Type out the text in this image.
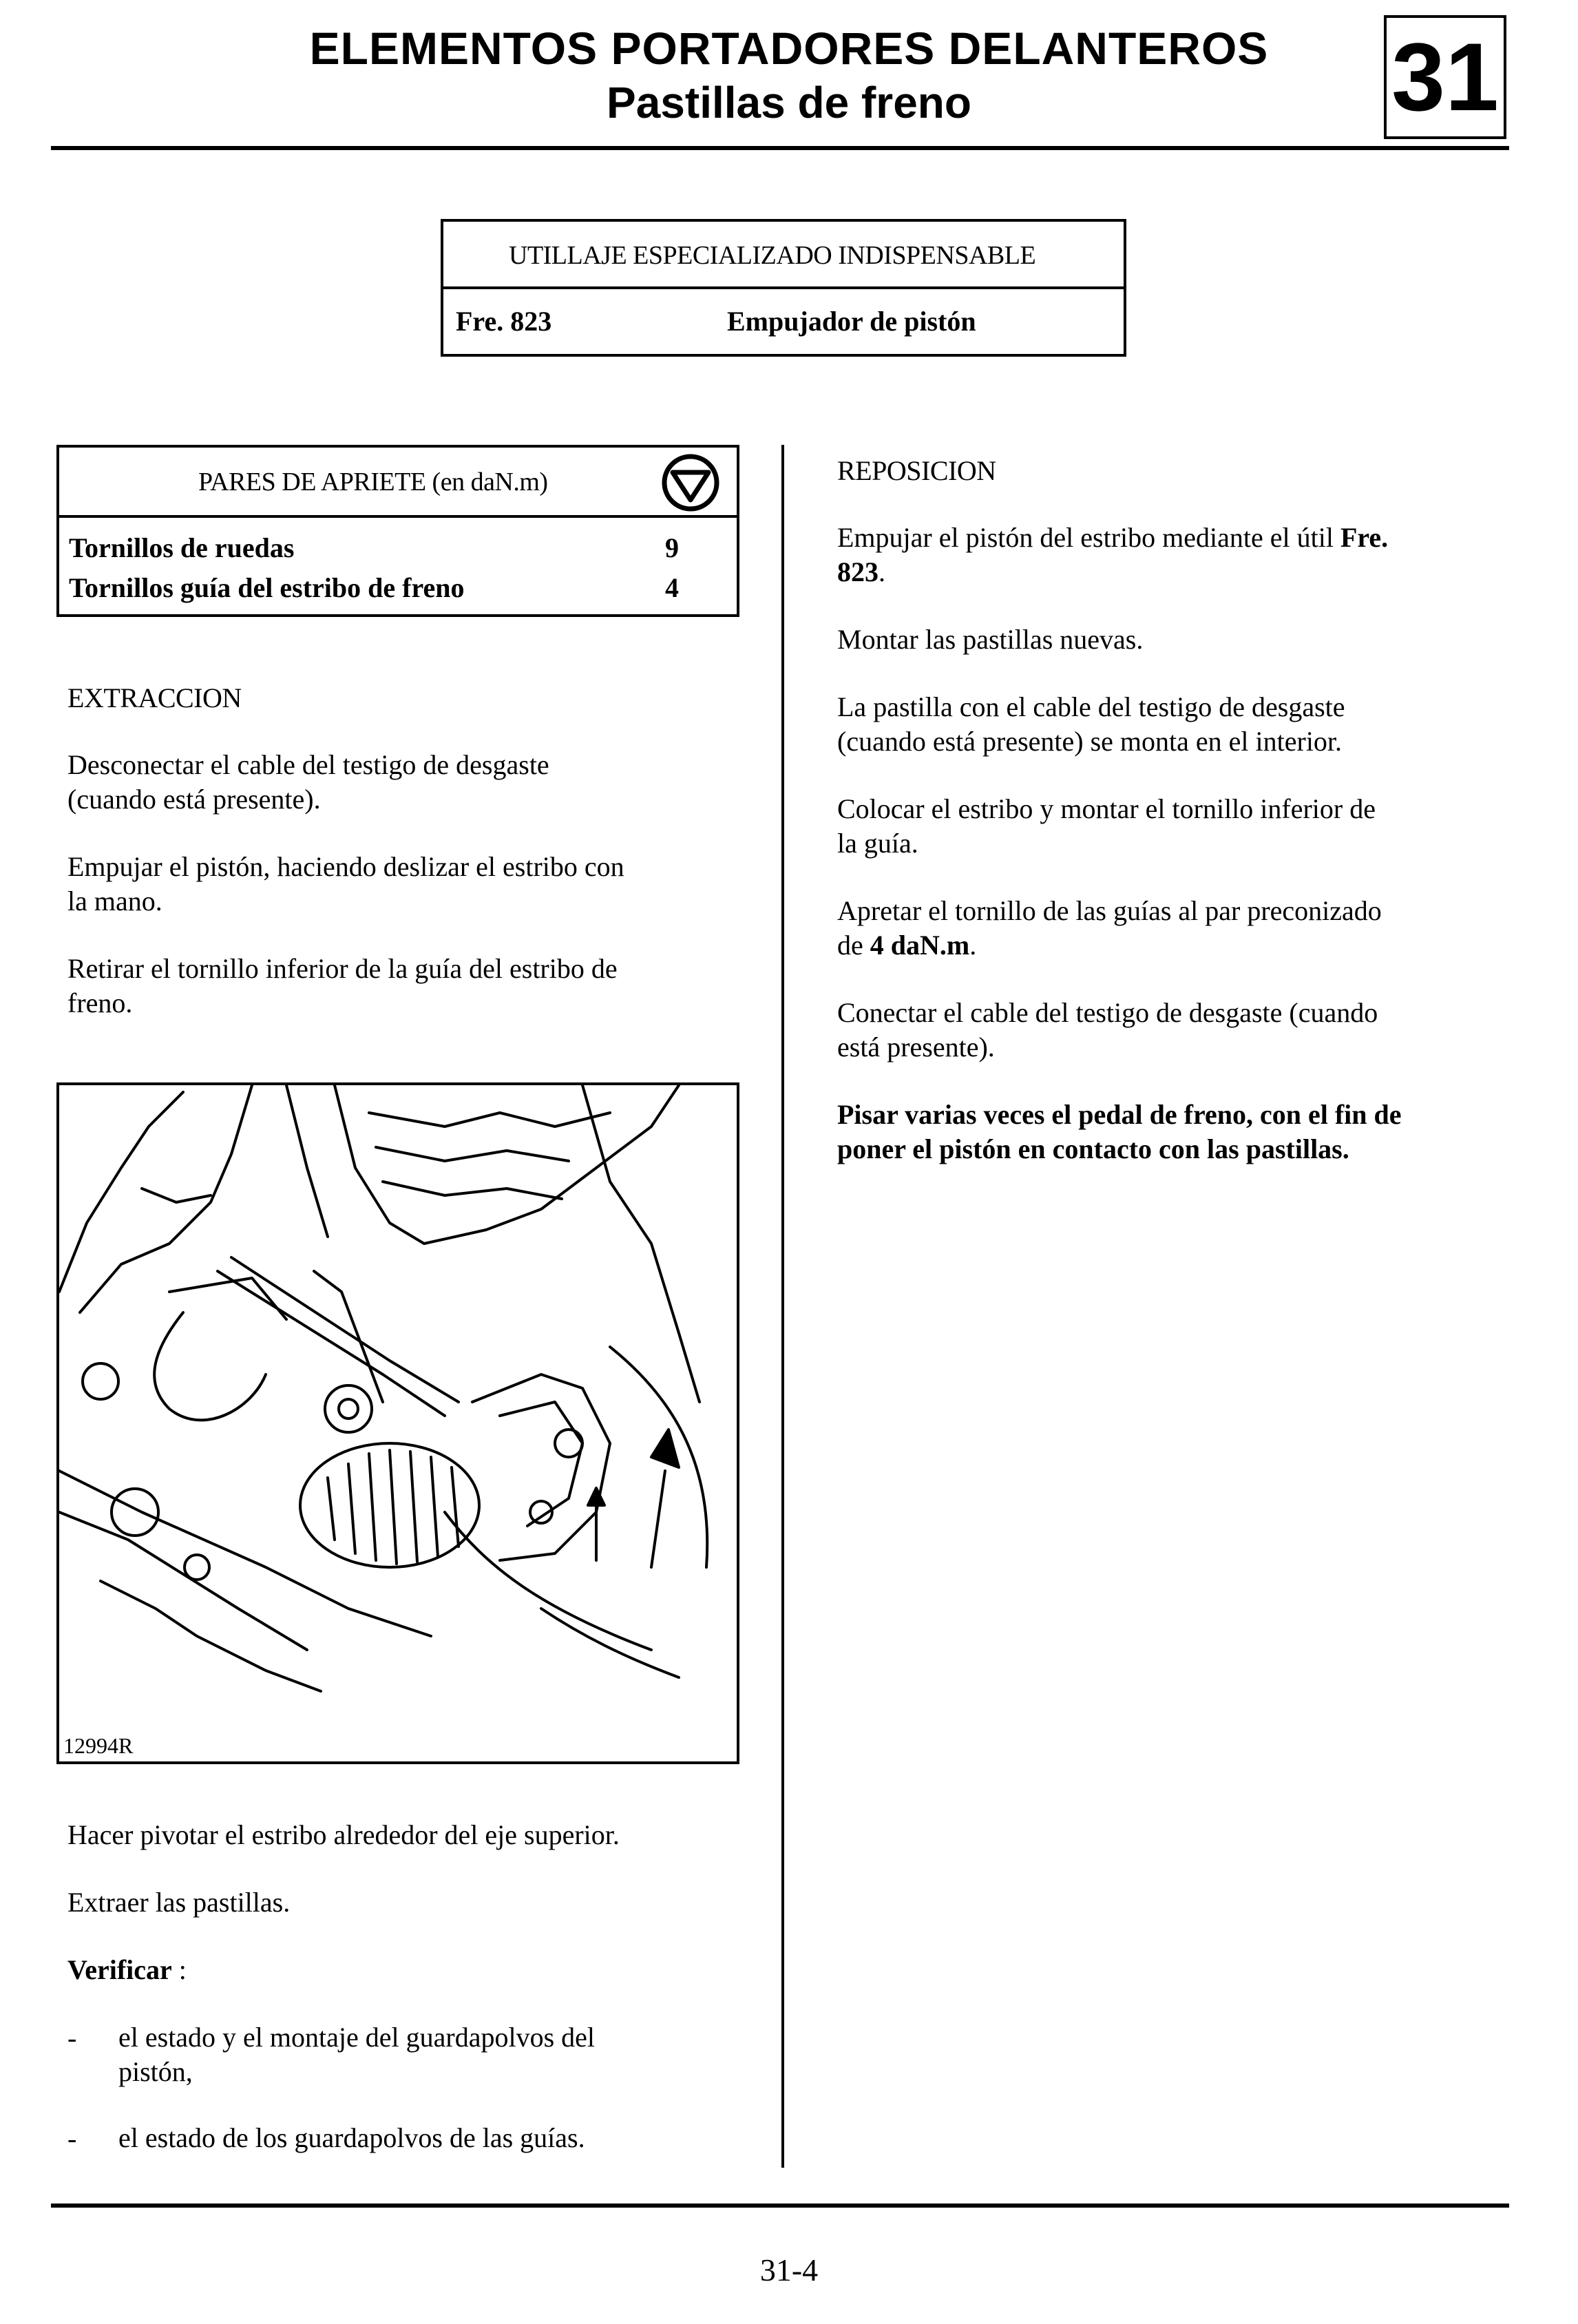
ELEMENTOS PORTADORES DELANTEROS
Pastillas de freno	31
UTILLAJE ESPECIALIZADO INDISPENSABLE
Fre. 823	Empujador de pistón
PARES DE APRIETE (en daN.m)
Tornillos de ruedas	9
Tornillos guía del estribo de freno	4
EXTRACCION
Desconectar el cable del testigo de desgaste
(cuando está presente).
Empujar el pistón, haciendo deslizar el estribo con
la mano.
Retirar el tornillo inferior de la guía del estribo de
freno.
12994R
Hacer pivotar el estribo alrededor del eje superior.
Extraer las pastillas.
Verificar :
- el estado y el montaje del guardapolvos del
pistón,
- el estado de los guardapolvos de las guías.
REPOSICION
Empujar el pistón del estribo mediante el útil Fre.
823.
Montar las pastillas nuevas.
La pastilla con el cable del testigo de desgaste
(cuando está presente) se monta en el interior.
Colocar el estribo y montar el tornillo inferior de
la guía.
Apretar el tornillo de las guías al par preconizado
de 4 daN.m.
Conectar el cable del testigo de desgaste (cuando
está presente).
Pisar varias veces el pedal de freno, con el fin de
poner el pistón en contacto con las pastillas.
31-4
